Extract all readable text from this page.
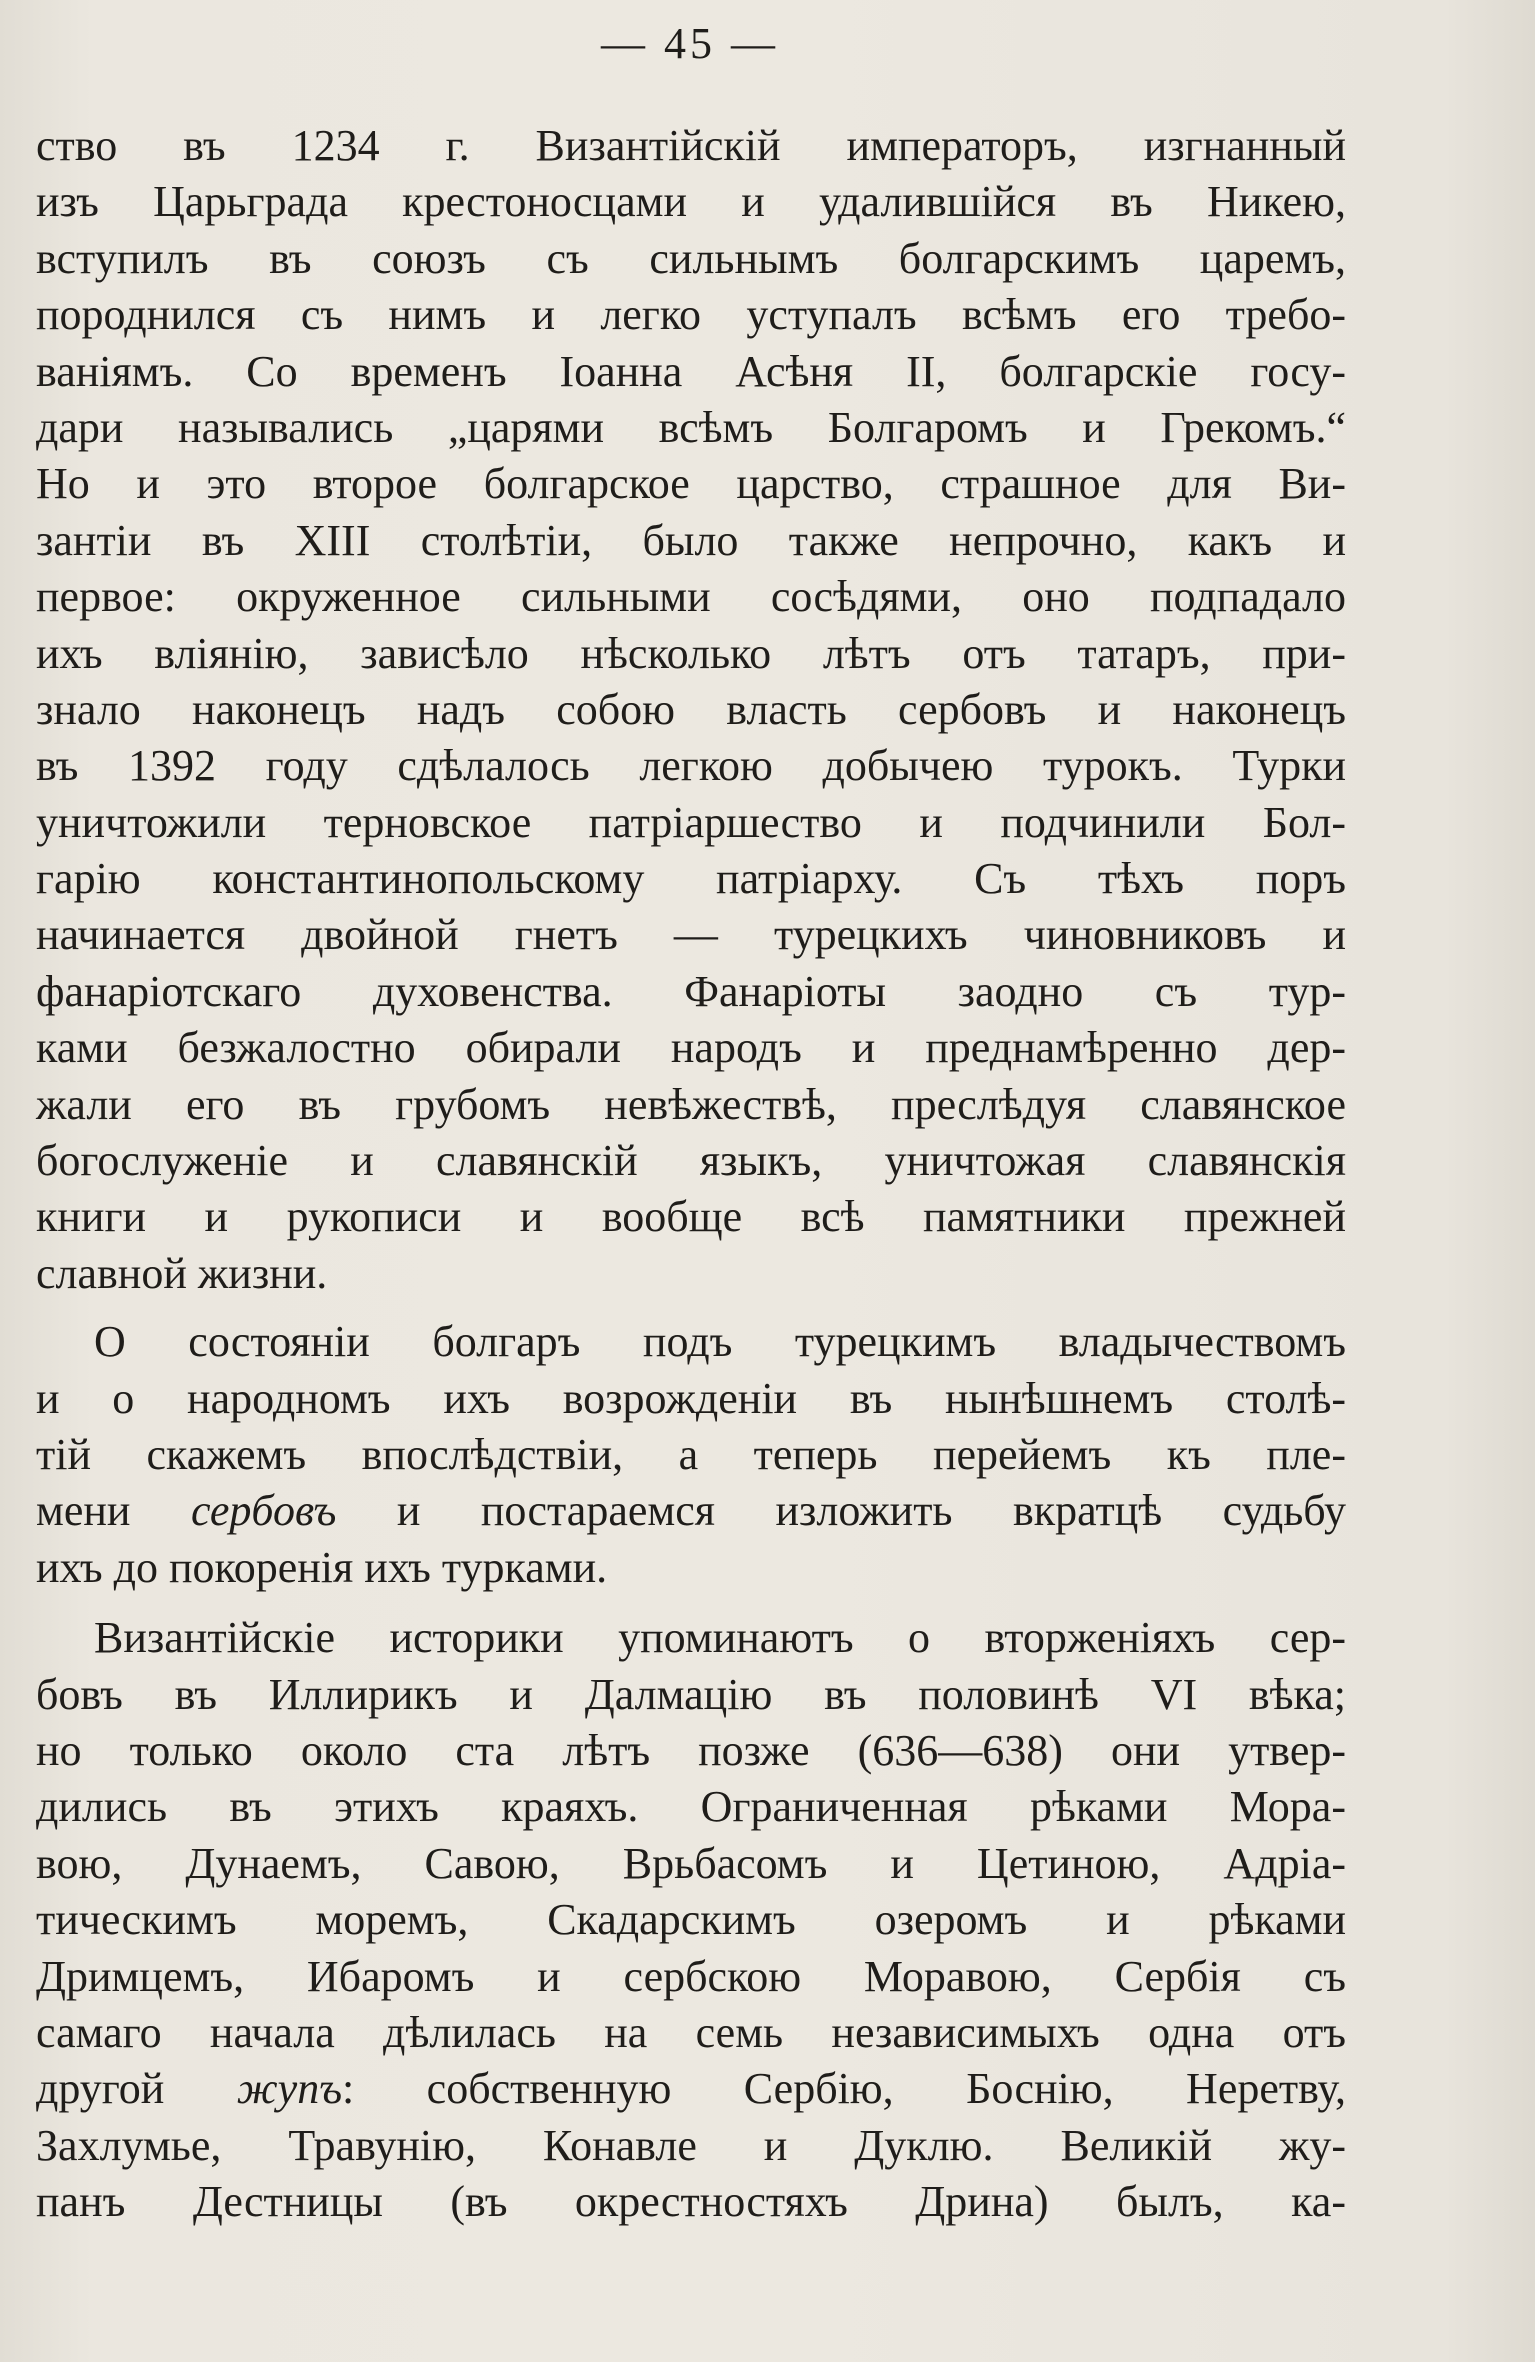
— 45 —
ство въ 1234 г. Византійскій императоръ, изгнанный
изъ Царьграда крестоносцами и удалившійся въ Никею,
вступилъ въ союзъ съ сильнымъ болгарскимъ царемъ,
породнился съ нимъ и легко уступалъ всѣмъ его требо-
ваніямъ. Со временъ Іоанна Асѣня II, болгарскіе госу-
дари назывались „царями всѣмъ Болгаромъ и Грекомъ.“
Но и это второе болгарское царство, страшное для Ви-
зантіи въ XIII столѣтіи, было также непрочно, какъ и
первое: окруженное сильными сосѣдями, оно подпадало
ихъ вліянію, зависѣло нѣсколько лѣтъ отъ татаръ, при-
знало наконецъ надъ собою власть сербовъ и наконецъ
въ 1392 году сдѣлалось легкою добычею турокъ. Турки
уничтожили терновское патріаршество и подчинили Бол-
гарію константинопольскому патріарху. Съ тѣхъ поръ
начинается двойной гнетъ — турецкихъ чиновниковъ и
фанаріотскаго духовенства. Фанаріоты заодно съ тур-
ками безжалостно обирали народъ и преднамѣренно дер-
жали его въ грубомъ невѣжествѣ, преслѣдуя славянское
богослуженіе и славянскій языкъ, уничтожая славянскія
книги и рукописи и вообще всѣ памятники прежней
славной жизни.
О состояніи болгаръ подъ турецкимъ владычествомъ
и о народномъ ихъ возрожденіи въ нынѣшнемъ столѣ-
тій скажемъ впослѣдствіи, а теперь перейемъ къ пле-
мени сербовъ и постараемся изложить вкратцѣ судьбу
ихъ до покоренія ихъ турками.
Византійскіе историки упоминаютъ о вторженіяхъ сер-
бовъ въ Иллирикъ и Далмацію въ половинѣ VI вѣка;
но только около ста лѣтъ позже (636—638) они утвер-
дились въ этихъ краяхъ. Ограниченная рѣками Мора-
вою, Дунаемъ, Савою, Врьбасомъ и Цетиною, Адріа-
тическимъ моремъ, Скадарскимъ озеромъ и рѣками
Дримцемъ, Ибаромъ и сербскою Моравою, Сербія съ
самаго начала дѣлилась на семь независимыхъ одна отъ
другой жупъ: собственную Сербію, Боснію, Неретву,
Захлумье, Травунію, Конавле и Дуклю. Великій жу-
панъ Дестницы (въ окрестностяхъ Дрина) былъ, ка-
